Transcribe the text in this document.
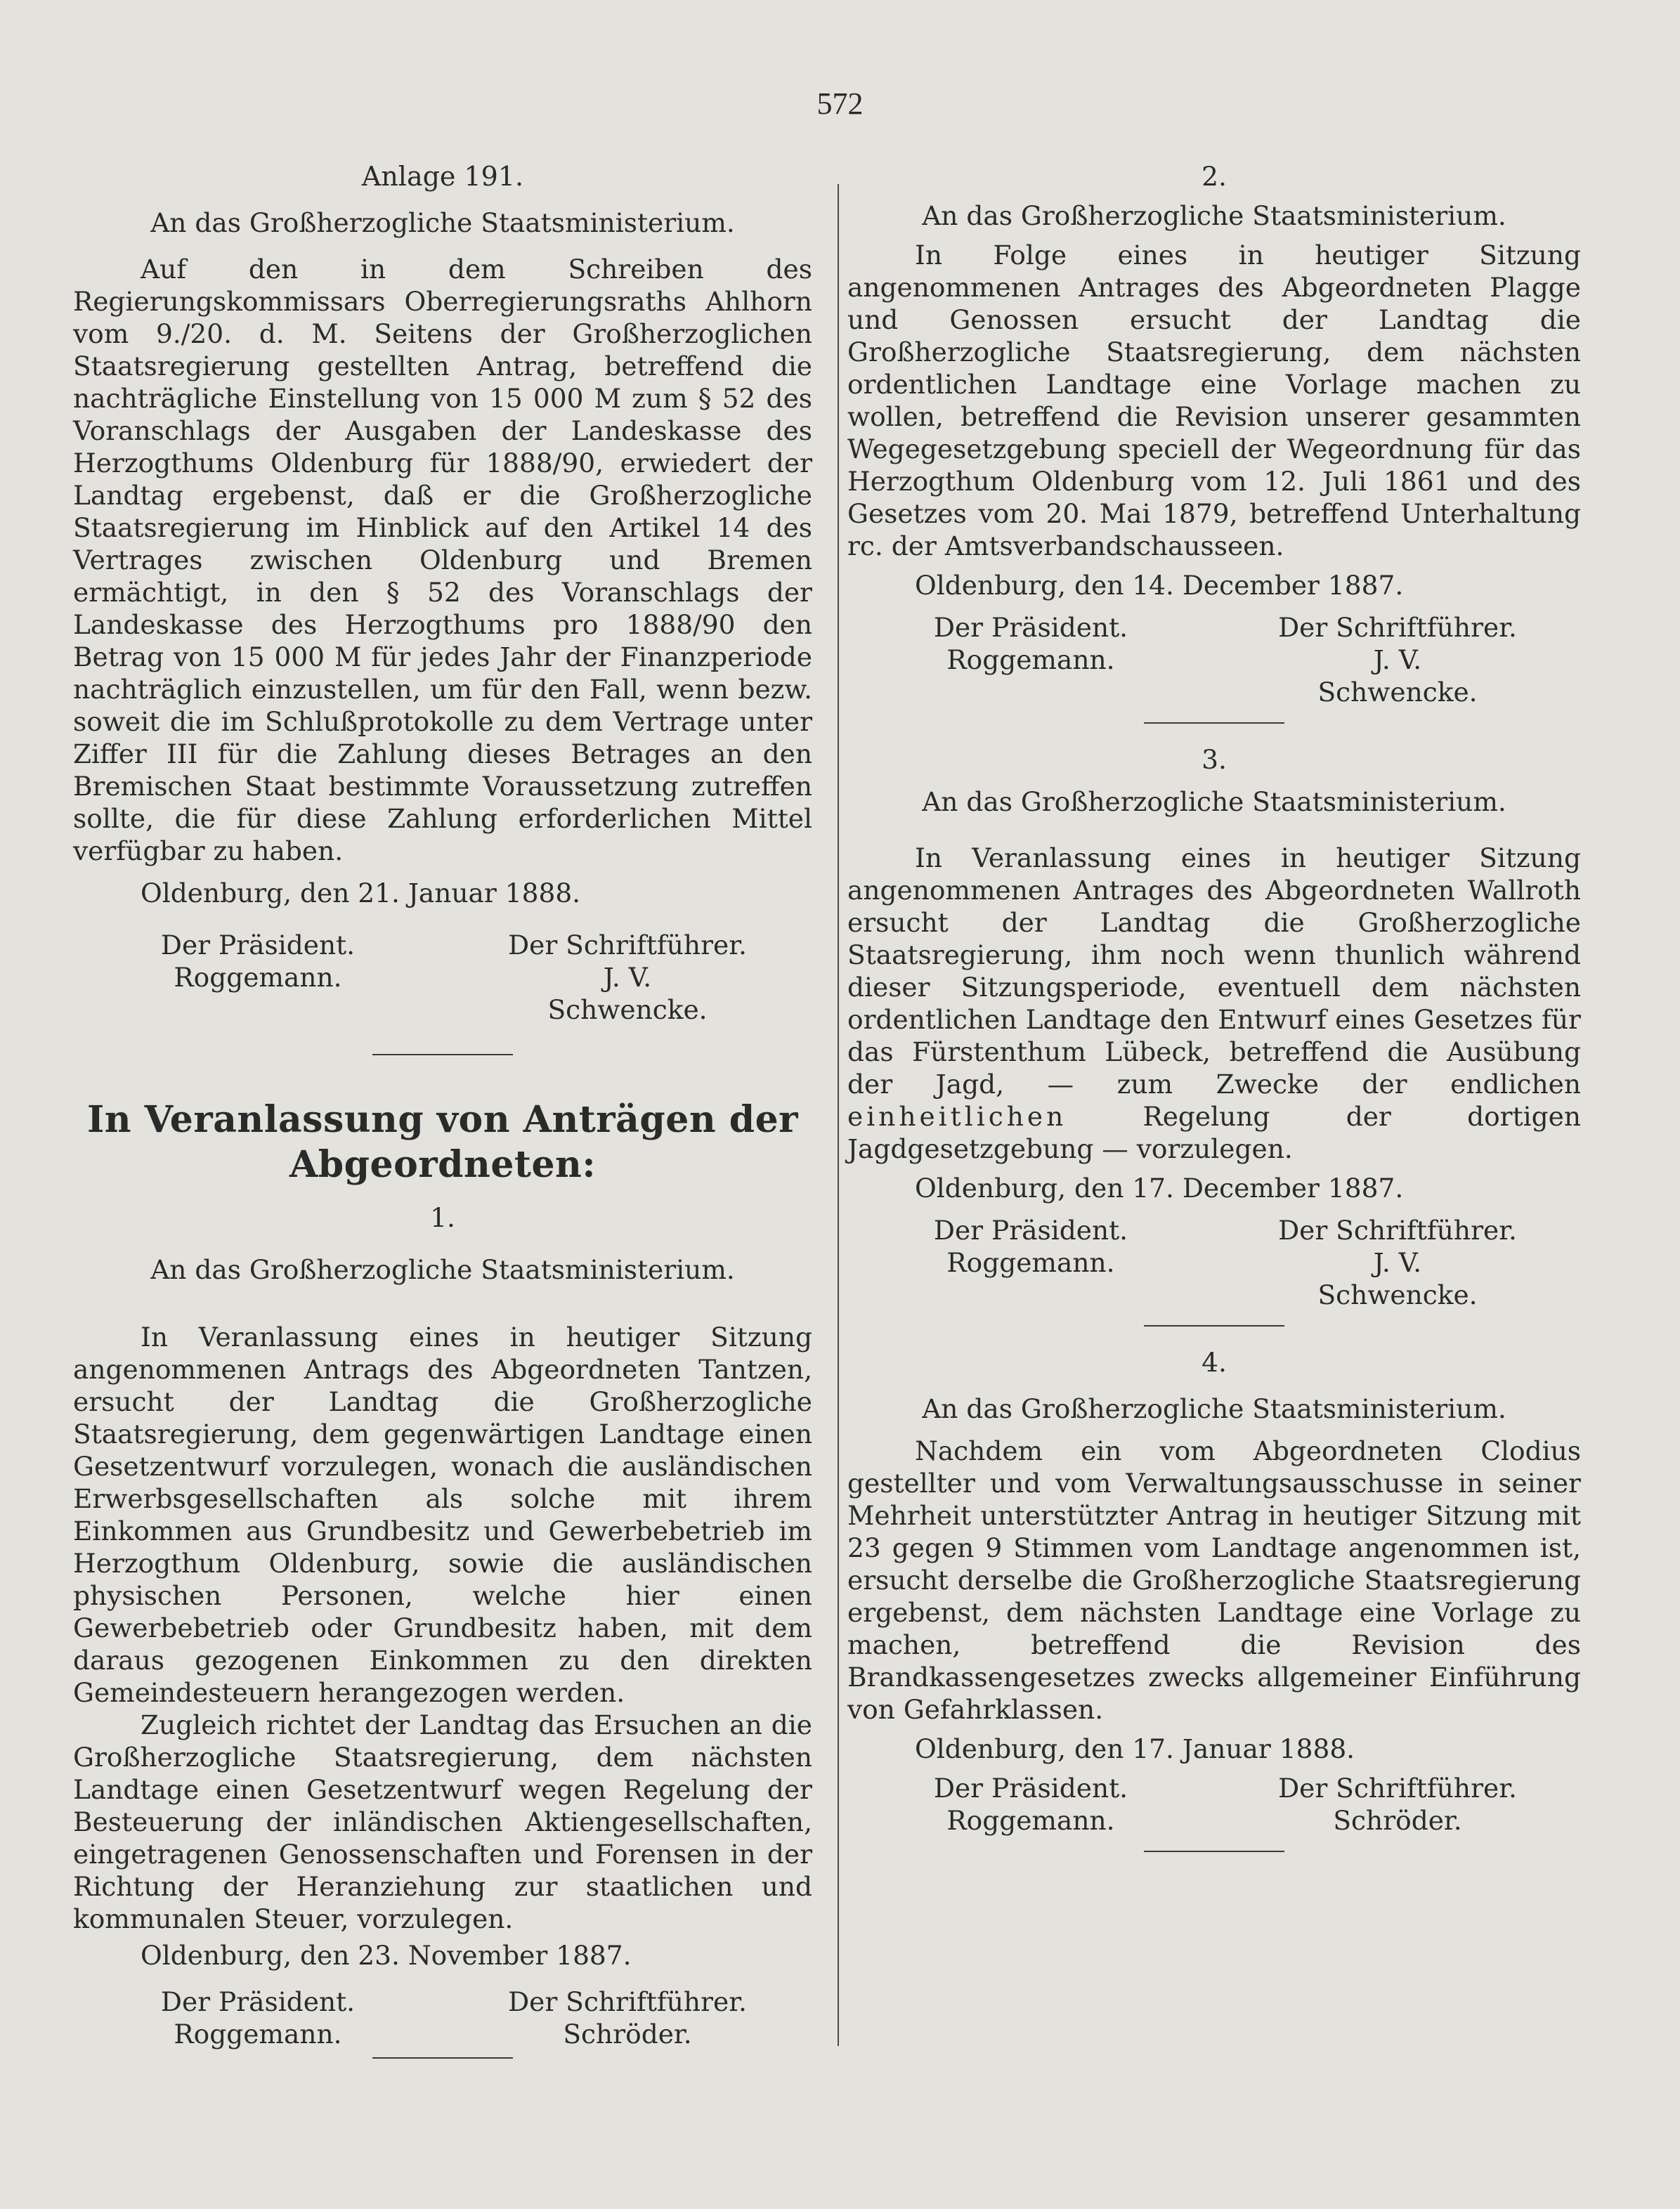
572

Anlage 191.

An das Großherzogliche Staatsministerium.

Auf den in dem Schreiben des Regierungskommissars Oberregierungsraths Ahlhorn vom 9./20. d. M. Seitens der Großherzoglichen Staatsregierung gestellten Antrag, betreffend die nachträgliche Einstellung von 15 000 M zum § 52 des Voranschlags der Ausgaben der Landeskasse des Herzogthums Oldenburg für 1888/90, erwiedert der Landtag ergebenst, daß er die Großherzogliche Staatsregierung im Hinblick auf den Artikel 14 des Vertrages zwischen Oldenburg und Bremen ermächtigt, in den § 52 des Voranschlags der Landeskasse des Herzogthums pro 1888/90 den Betrag von 15 000 M für jedes Jahr der Finanzperiode nachträglich einzustellen, um für den Fall, wenn bezw. soweit die im Schlußprotokolle zu dem Vertrage unter Ziffer III für die Zahlung dieses Betrages an den Bremischen Staat bestimmte Voraussetzung zutreffen sollte, die für diese Zahlung erforderlichen Mittel verfügbar zu haben.

Oldenburg, den 21. Januar 1888.

Der Präsident.
Roggemann.
Der Schriftführer.
J. V.
Schwencke.

In Veranlassung von Anträgen der Abgeordneten:

1.

An das Großherzogliche Staatsministerium.

In Veranlassung eines in heutiger Sitzung angenommenen Antrags des Abgeordneten Tantzen, ersucht der Landtag die Großherzogliche Staatsregierung, dem gegenwärtigen Landtage einen Gesetzentwurf vorzulegen, wonach die ausländischen Erwerbsgesellschaften als solche mit ihrem Einkommen aus Grundbesitz und Gewerbebetrieb im Herzogthum Oldenburg, sowie die ausländischen physischen Personen, welche hier einen Gewerbebetrieb oder Grundbesitz haben, mit dem daraus gezogenen Einkommen zu den direkten Gemeindesteuern herangezogen werden.

Zugleich richtet der Landtag das Ersuchen an die Großherzogliche Staatsregierung, dem nächsten Landtage einen Gesetzentwurf wegen Regelung der Besteuerung der inländischen Aktiengesellschaften, eingetragenen Genossenschaften und Forensen in der Richtung der Heranziehung zur staatlichen und kommunalen Steuer, vorzulegen.

Oldenburg, den 23. November 1887.

Der Präsident.
Roggemann.
Der Schriftführer.
Schröder.

2.

An das Großherzogliche Staatsministerium.

In Folge eines in heutiger Sitzung angenommenen Antrages des Abgeordneten Plagge und Genossen ersucht der Landtag die Großherzogliche Staatsregierung, dem nächsten ordentlichen Landtage eine Vorlage machen zu wollen, betreffend die Revision unserer gesammten Wegegesetzgebung speciell der Wegeordnung für das Herzogthum Oldenburg vom 12. Juli 1861 und des Gesetzes vom 20. Mai 1879, betreffend Unterhaltung rc. der Amtsverbandschausseen.

Oldenburg, den 14. December 1887.

Der Präsident.
Roggemann.
Der Schriftführer.
J. V.
Schwencke.

3.

An das Großherzogliche Staatsministerium.

In Veranlassung eines in heutiger Sitzung angenommenen Antrages des Abgeordneten Wallroth ersucht der Landtag die Großherzogliche Staatsregierung, ihm noch wenn thunlich während dieser Sitzungsperiode, eventuell dem nächsten ordentlichen Landtage den Entwurf eines Gesetzes für das Fürstenthum Lübeck, betreffend die Ausübung der Jagd, — zum Zwecke der endlichen einheitlichen	Regelung der dortigen Jagdgesetzgebung — vorzulegen.

Oldenburg, den 17. December 1887.

Der Präsident.
Roggemann.
Der Schriftführer.
J. V.
Schwencke.

4.

An das Großherzogliche Staatsministerium.

Nachdem ein vom Abgeordneten Clodius gestellter und vom Verwaltungsausschusse in seiner Mehrheit unterstützter Antrag in heutiger Sitzung mit 23 gegen 9 Stimmen vom Landtage angenommen ist, ersucht derselbe die Großherzogliche Staatsregierung ergebenst, dem nächsten Landtage eine Vorlage zu machen, betreffend die Revision des Brandkassengesetzes zwecks allgemeiner Einführung von Gefahrklassen.

Oldenburg, den 17. Januar 1888.

Der Präsident.
Roggemann.
Der Schriftführer.
Schröder.
